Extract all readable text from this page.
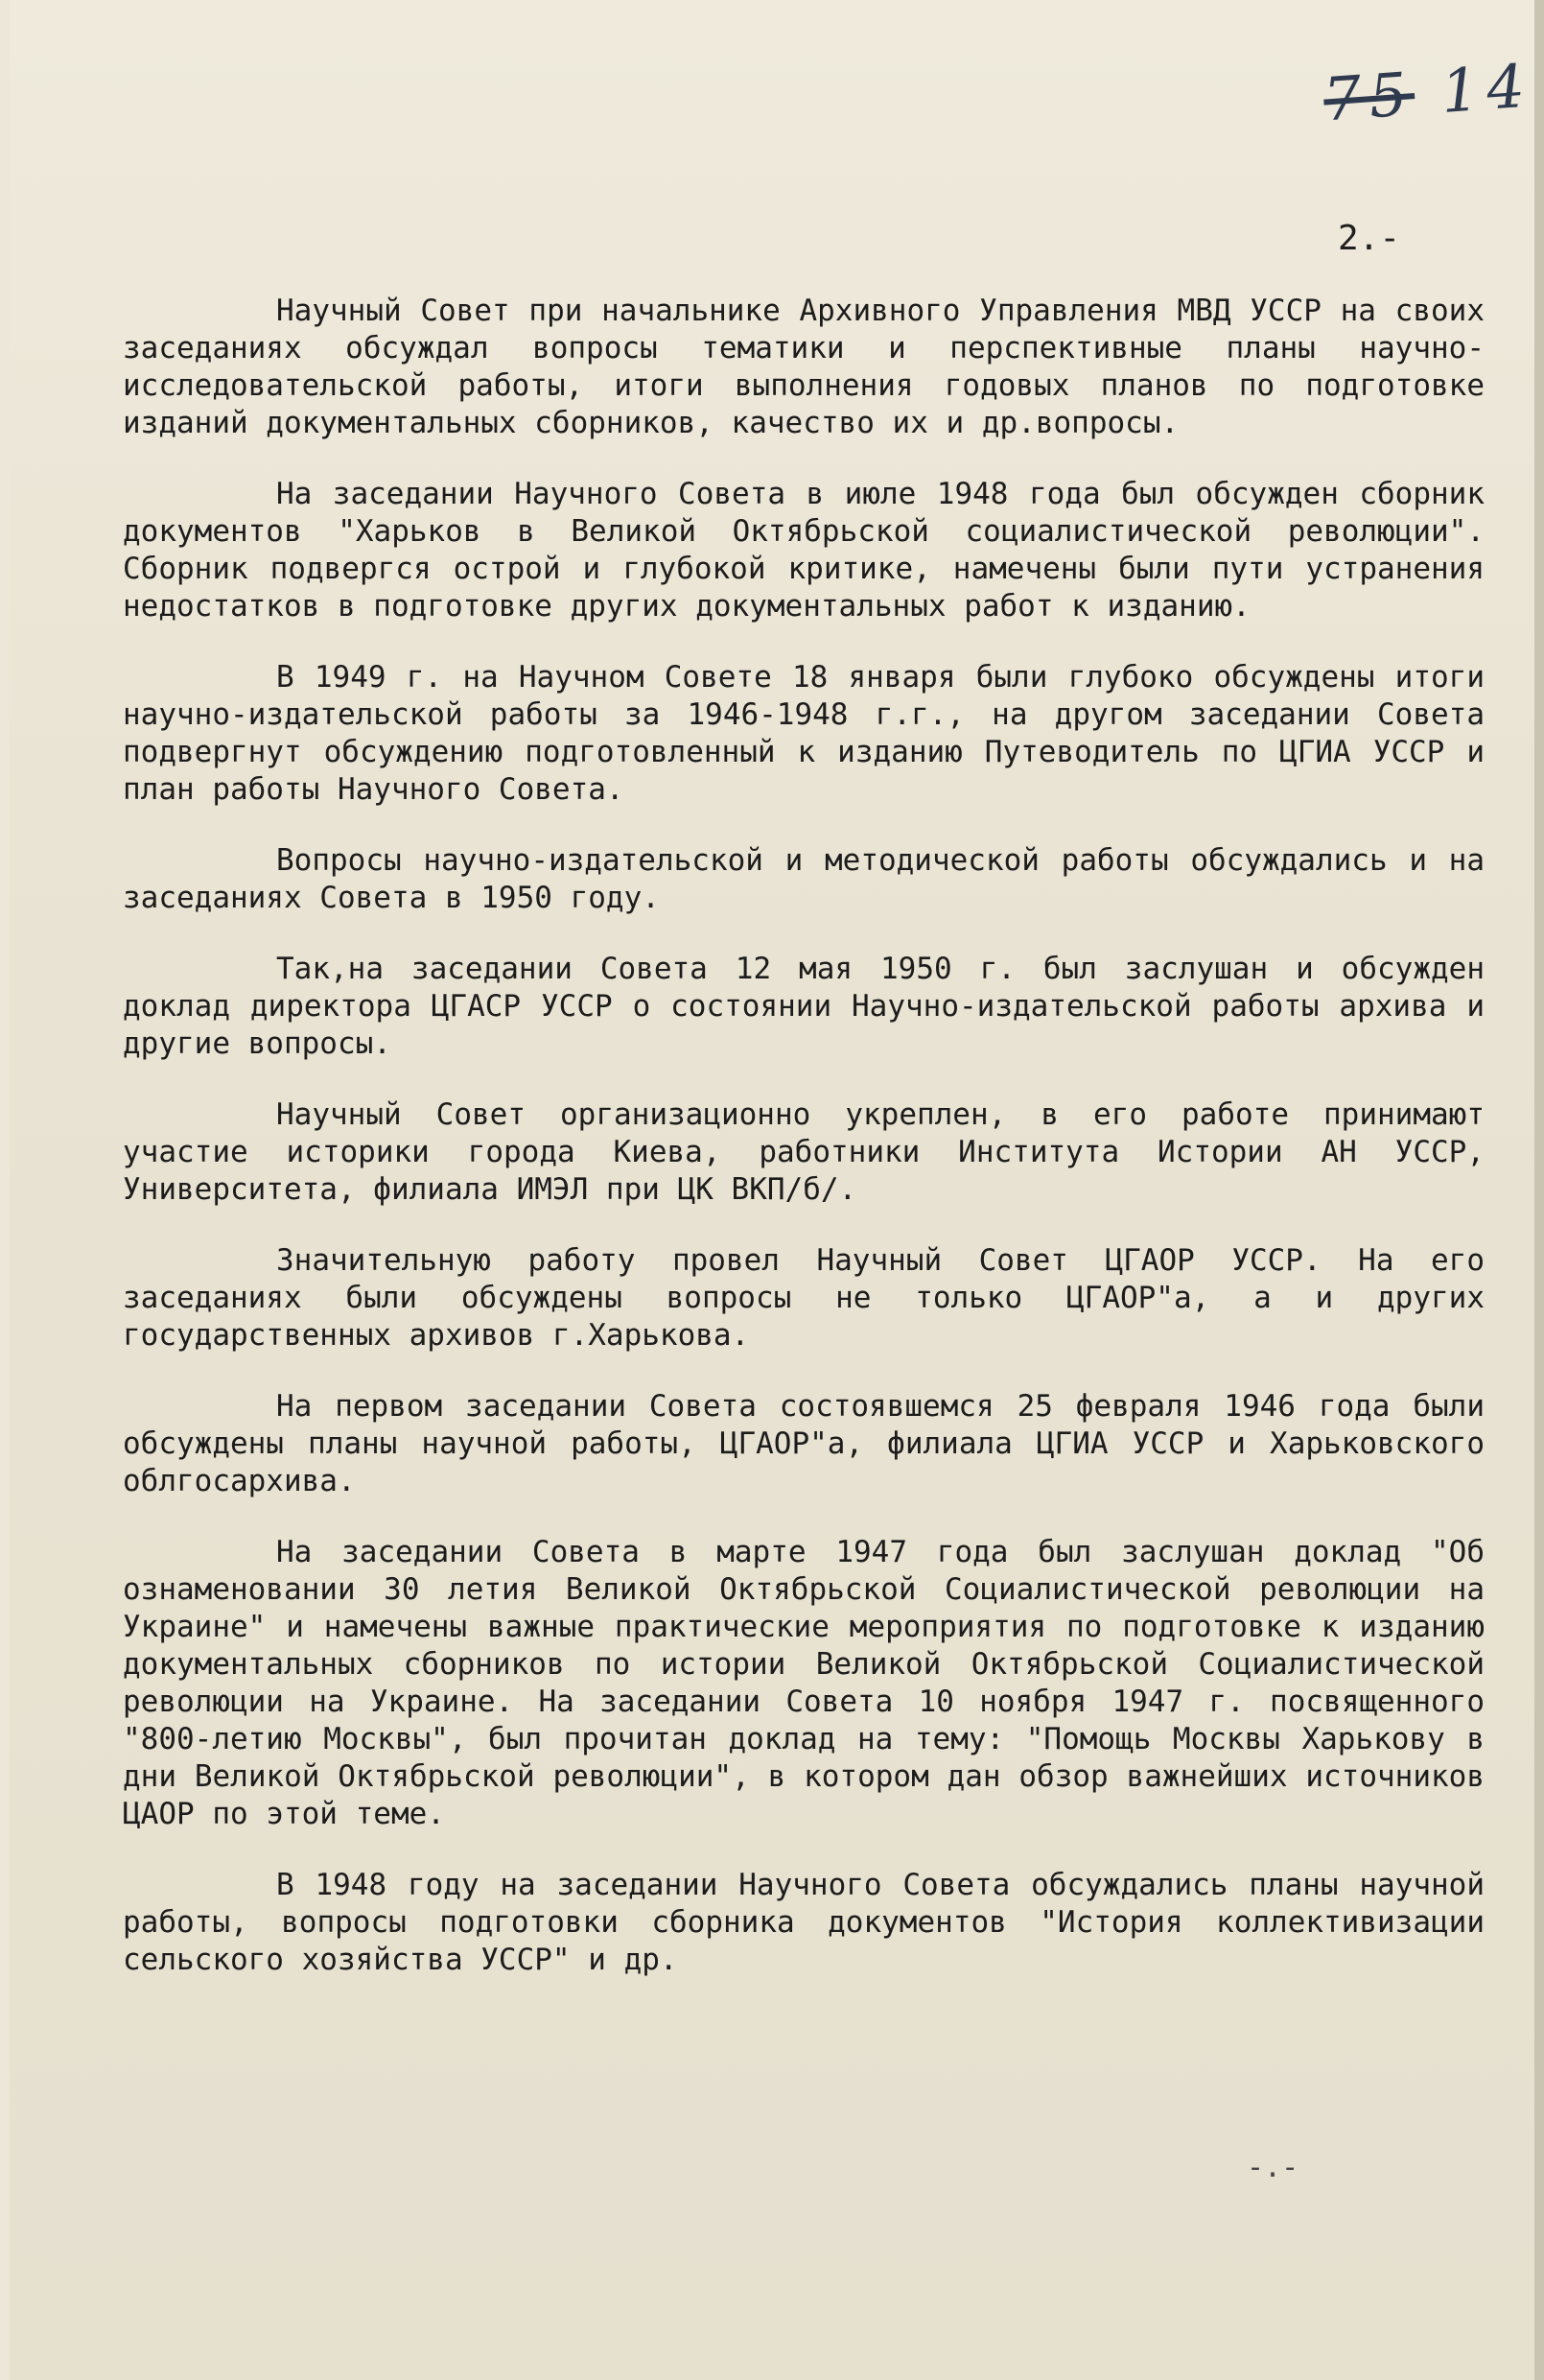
75 14
2.-

Научный Совет при начальнике Архивного Управления МВД УССР на своих заседаниях обсуждал вопросы тематики и перспективные планы научно-исследовательской работы, итоги выполнения годовых планов по подготовке изданий документальных сборников, качество их и др.вопросы.

На заседании Научного Совета в июле 1948 года был обсужден сборник документов "Харьков в Великой Октябрьской социалистической революции". Сборник подвергся острой и глубокой критике, намечены были пути устранения недостатков в подготовке других документальных работ к изданию.

В 1949 г. на Научном Совете 18 января были глубоко обсуждены итоги научно-издательской работы за 1946-1948 г.г., на другом заседании Совета подвергнут обсуждению подготовленный к изданию Путеводитель по ЦГИА УССР и план работы Научного Совета.

Вопросы научно-издательской и методической работы обсуждались и на заседаниях Совета в 1950 году.

Так,на заседании Совета 12 мая 1950 г. был заслушан и обсужден доклад директора ЦГАСР УССР о состоянии Научно-издательской работы архива и другие вопросы.

Научный Совет организационно укреплен, в его работе принимают участие историки города Киева, работники Института Истории АН УССР, Университета, филиала ИМЭЛ при ЦК ВКП/б/.

Значительную работу провел Научный Совет ЦГАОР УССР. На его заседаниях были обсуждены вопросы не только ЦГАОР"а, а и других государственных архивов г.Харькова.

На первом заседании Совета состоявшемся 25 февраля 1946 года были обсуждены планы научной работы, ЦГАОР"а, филиала ЦГИА УССР и Харьковского облгосархива.

На заседании Совета в марте 1947 года был заслушан доклад "Об ознаменовании 30 летия Великой Октябрьской Социалистической революции на Украине" и намечены важные практические мероприятия по подготовке к изданию документальных сборников по истории Великой Октябрьской Социалистической революции на Украине. На заседании Совета 10 ноября 1947 г. посвященного "800-летию Москвы", был прочитан доклад на тему: "Помощь Москвы Харькову в дни Великой Октябрьской революции", в котором дан обзор важнейших источников ЦАОР по этой теме.

В 1948 году на заседании Научного Совета обсуждались планы научной работы, вопросы подготовки сборника документов "История коллективизации сельского хозяйства УССР" и др.

-.-
